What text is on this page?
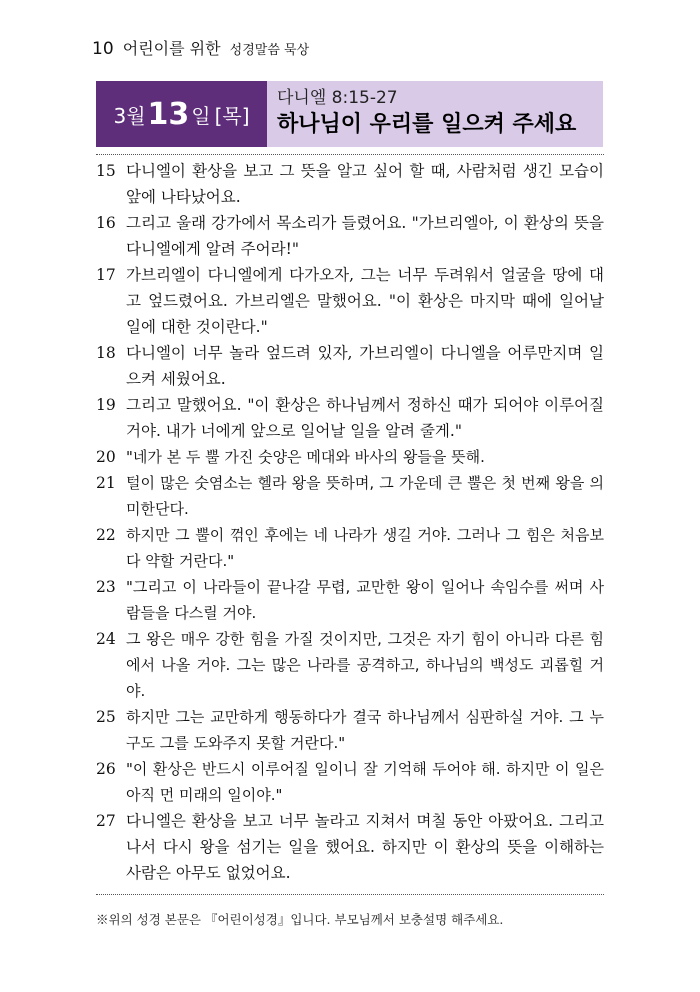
10 어린이를 위한 성경말씀 묵상
3월 13 일 [목]
다니엘 8:15-27
하나님이 우리를 일으켜 주세요
15 다니엘이 환상을 보고 그 뜻을 알고 싶어 할 때, 사람처럼 생긴 모습이 앞에 나타났어요.
16 그리고 울래 강가에서 목소리가 들렸어요. "가브리엘아, 이 환상의 뜻을 다니엘에게 알려 주어라!"
17 가브리엘이 다니엘에게 다가오자, 그는 너무 두려워서 얼굴을 땅에 대고 엎드렸어요. 가브리엘은 말했어요. "이 환상은 마지막 때에 일어날 일에 대한 것이란다."
18 다니엘이 너무 놀라 엎드려 있자, 가브리엘이 다니엘을 어루만지며 일으켜 세웠어요.
19 그리고 말했어요. "이 환상은 하나님께서 정하신 때가 되어야 이루어질 거야. 내가 너에게 앞으로 일어날 일을 알려 줄게."
20 "네가 본 두 뿔 가진 숫양은 메대와 바사의 왕들을 뜻해.
21 털이 많은 숫염소는 헬라 왕을 뜻하며, 그 가운데 큰 뿔은 첫 번째 왕을 의미한단다.
22 하지만 그 뿔이 꺾인 후에는 네 나라가 생길 거야. 그러나 그 힘은 처음보다 약할 거란다."
23 "그리고 이 나라들이 끝나갈 무렵, 교만한 왕이 일어나 속임수를 써며 사람들을 다스릴 거야.
24 그 왕은 매우 강한 힘을 가질 것이지만, 그것은 자기 힘이 아니라 다른 힘에서 나올 거야. 그는 많은 나라를 공격하고, 하나님의 백성도 괴롭힐 거야.
25 하지만 그는 교만하게 행동하다가 결국 하나님께서 심판하실 거야. 그 누구도 그를 도와주지 못할 거란다."
26 "이 환상은 반드시 이루어질 일이니 잘 기억해 두어야 해. 하지만 이 일은 아직 먼 미래의 일이야."
27 다니엘은 환상을 보고 너무 놀라고 지쳐서 며칠 동안 아팠어요. 그리고 나서 다시 왕을 섬기는 일을 했어요. 하지만 이 환상의 뜻을 이해하는 사람은 아무도 없었어요.
※위의 성경 본문은 『어린이성경』입니다. 부모님께서 보충설명 해주세요.
